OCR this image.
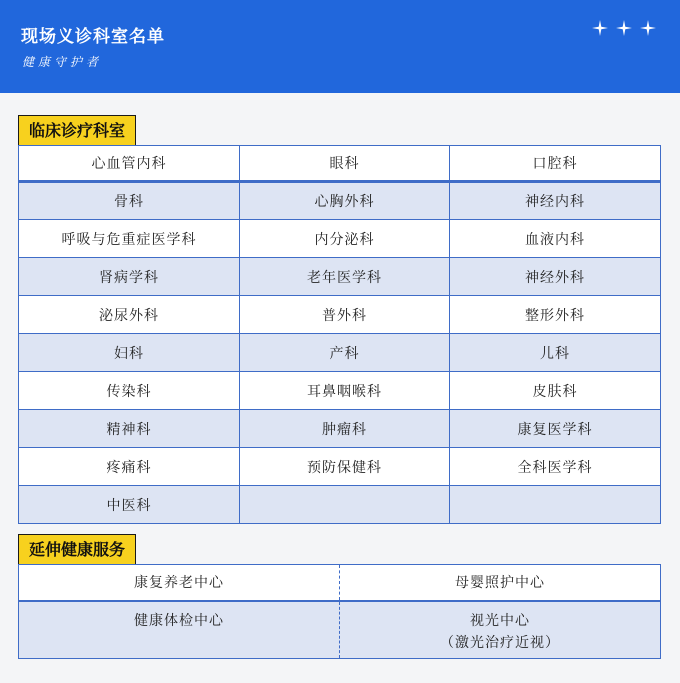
现场义诊科室名单
健康守护者
临床诊疗科室
心血管内科	眼科	口腔科
骨科	心胸外科	神经内科
呼吸与危重症医学科	内分泌科	血液内科
肾病学科	老年医学科	神经外科
泌尿外科	普外科	整形外科
妇科	产科	儿科
传染科	耳鼻咽喉科	皮肤科
精神科	肿瘤科	康复医学科
疼痛科	预防保健科	全科医学科
中医科		
延伸健康服务
康复养老中心	母婴照护中心
健康体检中心	视光中心
（激光治疗近视）
